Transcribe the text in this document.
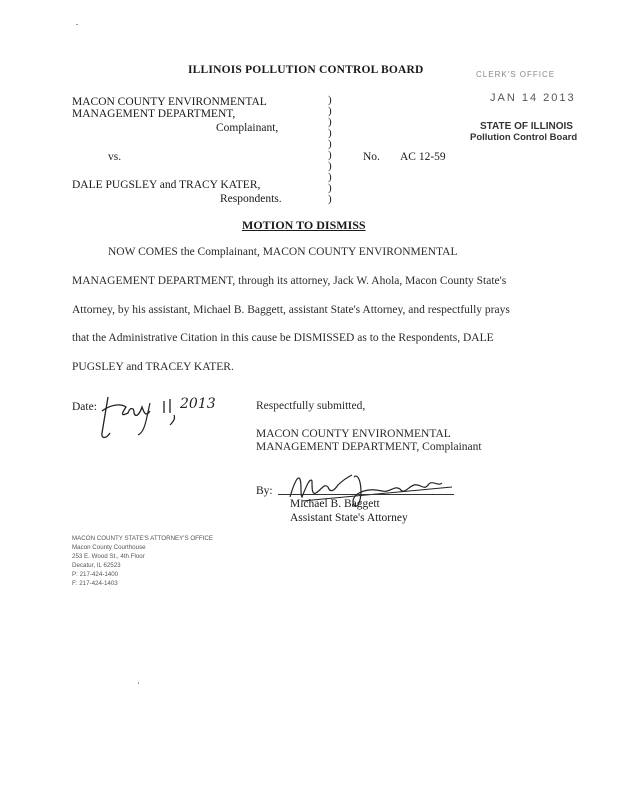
ILLINOIS POLLUTION CONTROL BOARD	CLERK'S OFFICE
JAN 14 2013
STATE OF ILLINOIS
Pollution Control Board
MACON COUNTY ENVIRONMENTAL
MANAGEMENT DEPARTMENT,
Complainant,
vs.	No. AC 12-59
DALE PUGSLEY and TRACY KATER,
Respondents.
)
)
)
)
)
)
)
)
)
)
MOTION TO DISMISS
NOW COMES the Complainant, MACON COUNTY ENVIRONMENTAL
MANAGEMENT DEPARTMENT, through its attorney, Jack W. Ahola, Macon County State's
Attorney, by his assistant, Michael B. Baggett, assistant State's Attorney, and respectfully prays
that the Administrative Citation in this cause be DISMISSED as to the Respondents, DALE
PUGSLEY and TRACEY KATER.
Date:	2013	Respectfully submitted,
MACON COUNTY ENVIRONMENTAL
MANAGEMENT DEPARTMENT, Complainant
By:
Michael B. Baggett
Assistant State's Attorney
MACON COUNTY STATE'S ATTORNEY'S OFFICE
Macon County Courthouse
253 E. Wood St., 4th Floor
Decatur, IL 62523
P: 217-424-1400
F: 217-424-1403
